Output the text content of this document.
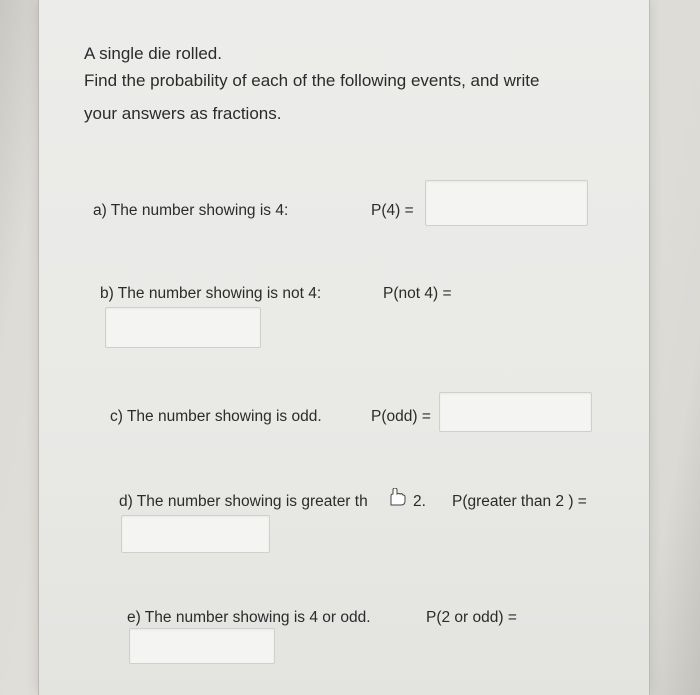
A single die rolled.
Find the probability of each of the following events, and write
your answers as fractions.
a) The number showing is 4:	P(4) =
b) The number showing is not 4:	P(not 4) =
c) The number showing is odd.	P(odd) =
d) The number showing is greater th	2. P(greater than 2 ) =
e) The number showing is 4 or odd.	P(2 or odd) =
